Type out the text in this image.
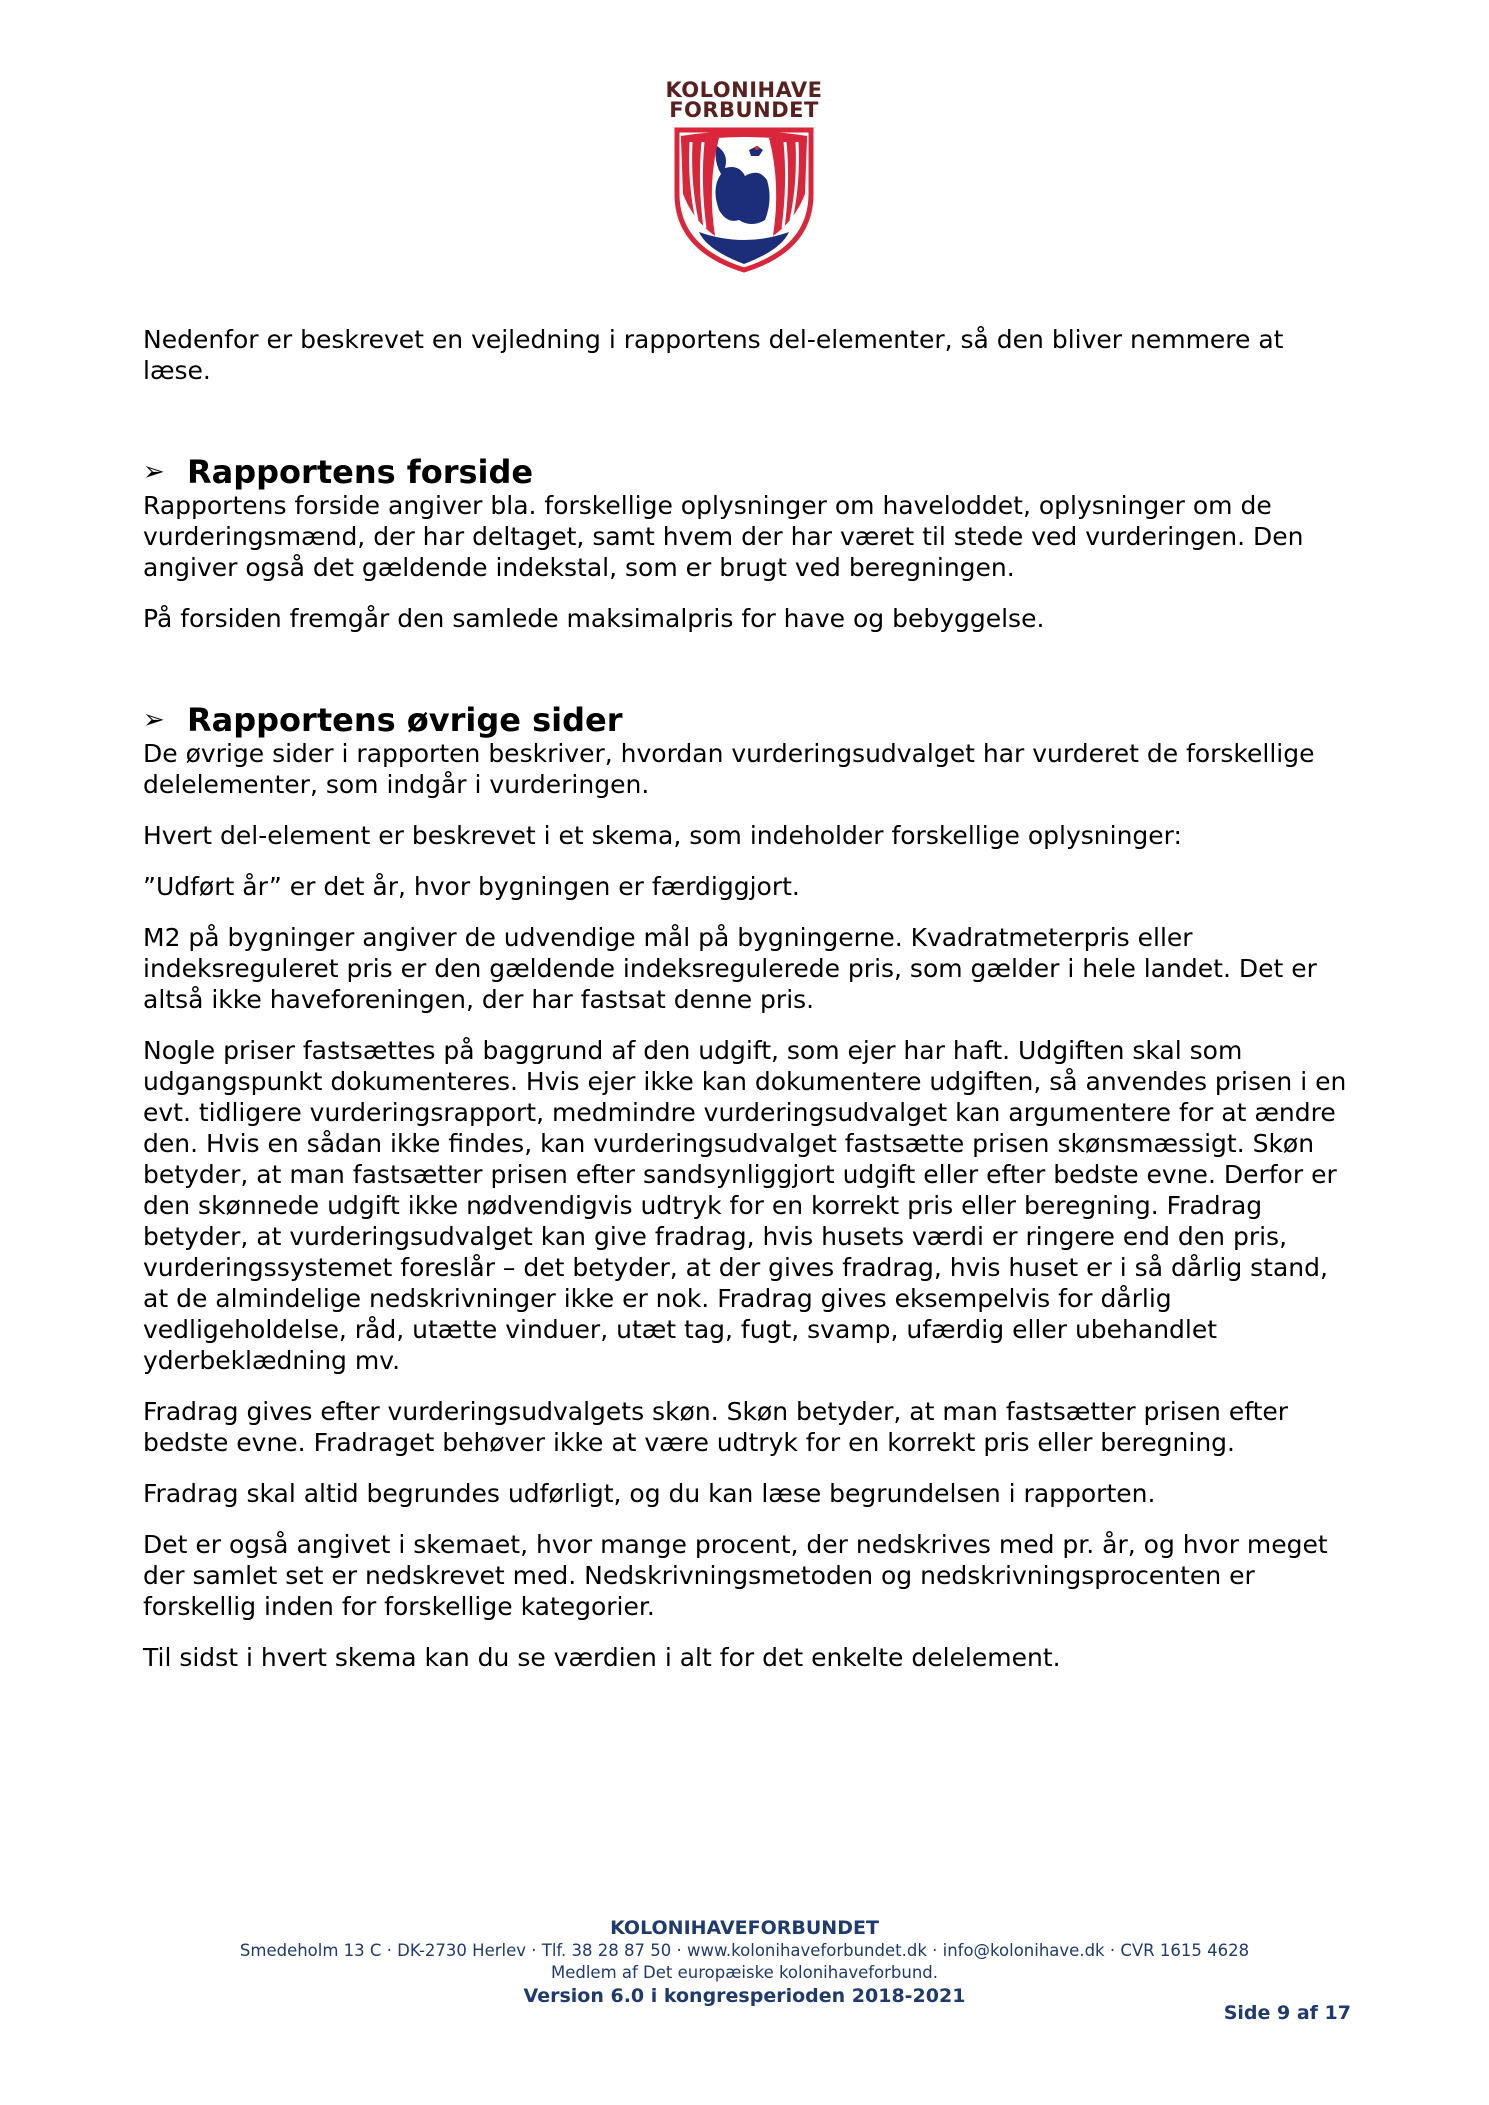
KOLONIHAVE
FORBUNDET

Nedenfor er beskrevet en vejledning i rapportens del-elementer, så den bliver nemmere at læse.

➢ Rapportens forside

Rapportens forside angiver bla. forskellige oplysninger om haveloddet, oplysninger om de vurderingsmænd, der har deltaget, samt hvem der har været til stede ved vurderingen. Den angiver også det gældende indekstal, som er brugt ved beregningen.

På forsiden fremgår den samlede maksimalpris for have og bebyggelse.

➢ Rapportens øvrige sider

De øvrige sider i rapporten beskriver, hvordan vurderingsudvalget har vurderet de forskellige delelementer, som indgår i vurderingen.

Hvert del-element er beskrevet i et skema, som indeholder forskellige oplysninger:

”Udført år” er det år, hvor bygningen er færdiggjort.

M2 på bygninger angiver de udvendige mål på bygningerne. Kvadratmeterpris eller indeksreguleret pris er den gældende indeksregulerede pris, som gælder i hele landet. Det er altså ikke haveforeningen, der har fastsat denne pris.

Nogle priser fastsættes på baggrund af den udgift, som ejer har haft. Udgiften skal som udgangspunkt dokumenteres. Hvis ejer ikke kan dokumentere udgiften, så anvendes prisen i en evt. tidligere vurderingsrapport, medmindre vurderingsudvalget kan argumentere for at ændre den. Hvis en sådan ikke findes, kan vurderingsudvalget fastsætte prisen skønsmæssigt. Skøn betyder, at man fastsætter prisen efter sandsynliggjort udgift eller efter bedste evne. Derfor er den skønnede udgift ikke nødvendigvis udtryk for en korrekt pris eller beregning. Fradrag betyder, at vurderingsudvalget kan give fradrag, hvis husets værdi er ringere end den pris, vurderingssystemet foreslår – det betyder, at der gives fradrag, hvis huset er i så dårlig stand, at de almindelige nedskrivninger ikke er nok. Fradrag gives eksempelvis for dårlig vedligeholdelse, råd, utætte vinduer, utæt tag, fugt, svamp, ufærdig eller ubehandlet yderbeklædning mv.

Fradrag gives efter vurderingsudvalgets skøn. Skøn betyder, at man fastsætter prisen efter bedste evne. Fradraget behøver ikke at være udtryk for en korrekt pris eller beregning.

Fradrag skal altid begrundes udførligt, og du kan læse begrundelsen i rapporten.

Det er også angivet i skemaet, hvor mange procent, der nedskrives med pr. år, og hvor meget der samlet set er nedskrevet med. Nedskrivningsmetoden og nedskrivningsprocenten er forskellig inden for forskellige kategorier.

Til sidst i hvert skema kan du se værdien i alt for det enkelte delelement.

KOLONIHAVEFORBUNDET
Smedeholm 13 C · DK-2730 Herlev · Tlf. 38 28 87 50 · www.kolonihaveforbundet.dk · info@kolonihave.dk · CVR 1615 4628
Medlem af Det europæiske kolonihaveforbund.
Version 6.0 i kongresperioden 2018-2021
Side 9 af 17
